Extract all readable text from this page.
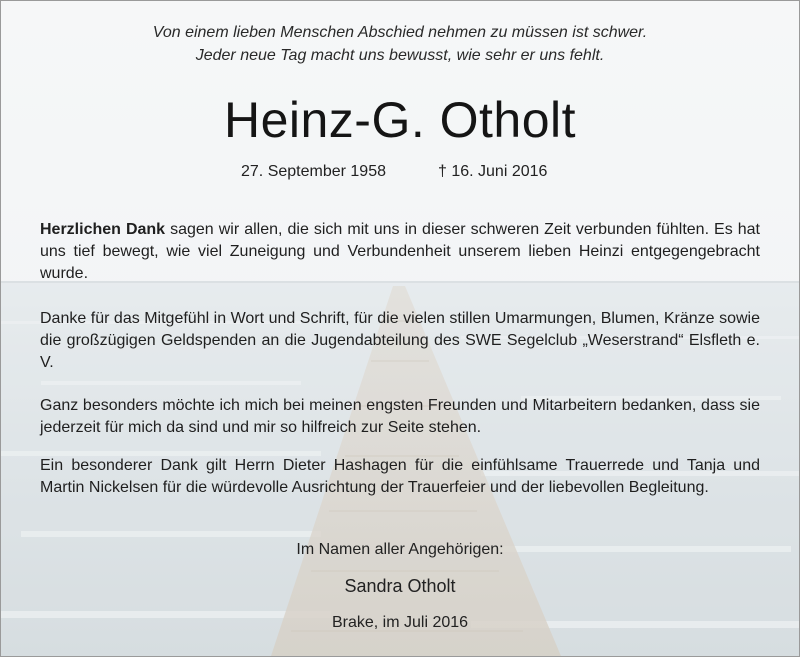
Von einem lieben Menschen Abschied nehmen zu müssen ist schwer.
Jeder neue Tag macht uns bewusst, wie sehr er uns fehlt.
Heinz-G. Otholt
27. September 1958	† 16. Juni 2016
Herzlichen Dank sagen wir allen, die sich mit uns in dieser schweren Zeit verbunden fühlten. Es hat uns tief bewegt, wie viel Zuneigung und Verbundenheit unserem lieben Heinzi entgegengebracht wurde.
Danke für das Mitgefühl in Wort und Schrift, für die vielen stillen Umarmungen, Blumen, Kränze sowie die großzügigen Geldspenden an die Jugendabteilung des SWE Segelclub „Weserstrand“ Elsfleth e. V.
Ganz besonders möchte ich mich bei meinen engsten Freunden und Mitarbeitern bedanken, dass sie jederzeit für mich da sind und mir so hilfreich zur Seite stehen.
Ein besonderer Dank gilt Herrn Dieter Hashagen für die einfühlsame Trauerrede und Tanja und Martin Nickelsen für die würdevolle Ausrichtung der Trauerfeier und der liebevollen Begleitung.
Im Namen aller Angehörigen:
Sandra Otholt
Brake, im Juli 2016
